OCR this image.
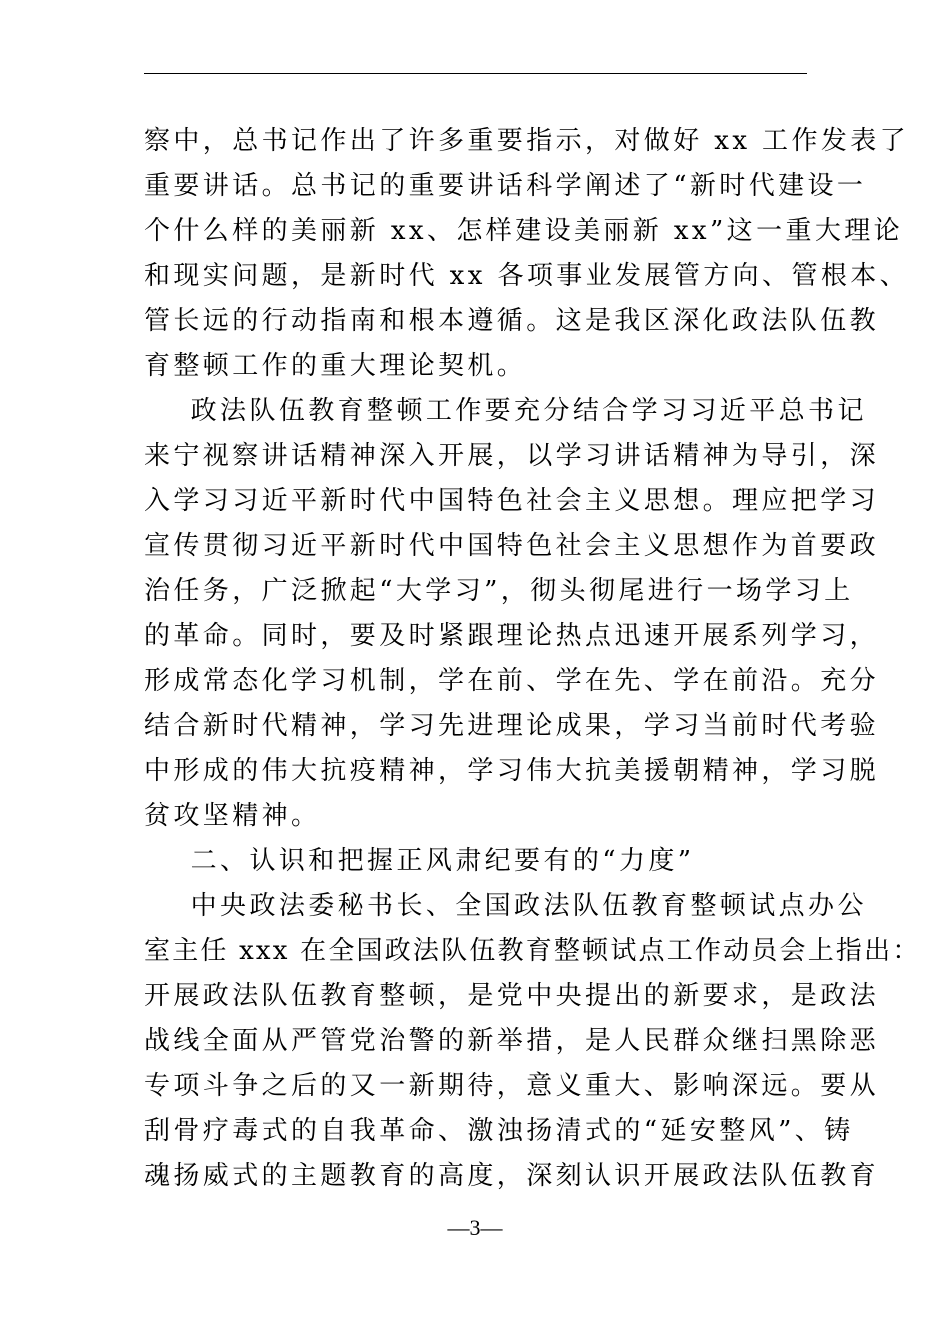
察中，总书记作出了许多重要指示，对做好 xx 工作发表了
重要讲话。总书记的重要讲话科学阐述了“新时代建设一
个什么样的美丽新 xx、怎样建设美丽新 xx”这一重大理论
和现实问题，是新时代 xx 各项事业发展管方向、管根本、
管长远的行动指南和根本遵循。这是我区深化政法队伍教
育整顿工作的重大理论契机。
政法队伍教育整顿工作要充分结合学习习近平总书记
来宁视察讲话精神深入开展，以学习讲话精神为导引，深
入学习习近平新时代中国特色社会主义思想。理应把学习
宣传贯彻习近平新时代中国特色社会主义思想作为首要政
治任务，广泛掀起“大学习”，彻头彻尾进行一场学习上
的革命。同时，要及时紧跟理论热点迅速开展系列学习，
形成常态化学习机制，学在前、学在先、学在前沿。充分
结合新时代精神，学习先进理论成果，学习当前时代考验
中形成的伟大抗疫精神，学习伟大抗美援朝精神，学习脱
贫攻坚精神。
二、认识和把握正风肃纪要有的“力度”
中央政法委秘书长、全国政法队伍教育整顿试点办公
室主任 xxx 在全国政法队伍教育整顿试点工作动员会上指出：
开展政法队伍教育整顿，是党中央提出的新要求，是政法
战线全面从严管党治警的新举措，是人民群众继扫黑除恶
专项斗争之后的又一新期待，意义重大、影响深远。要从
刮骨疗毒式的自我革命、激浊扬清式的“延安整风”、铸
魂扬威式的主题教育的高度，深刻认识开展政法队伍教育
—3—
